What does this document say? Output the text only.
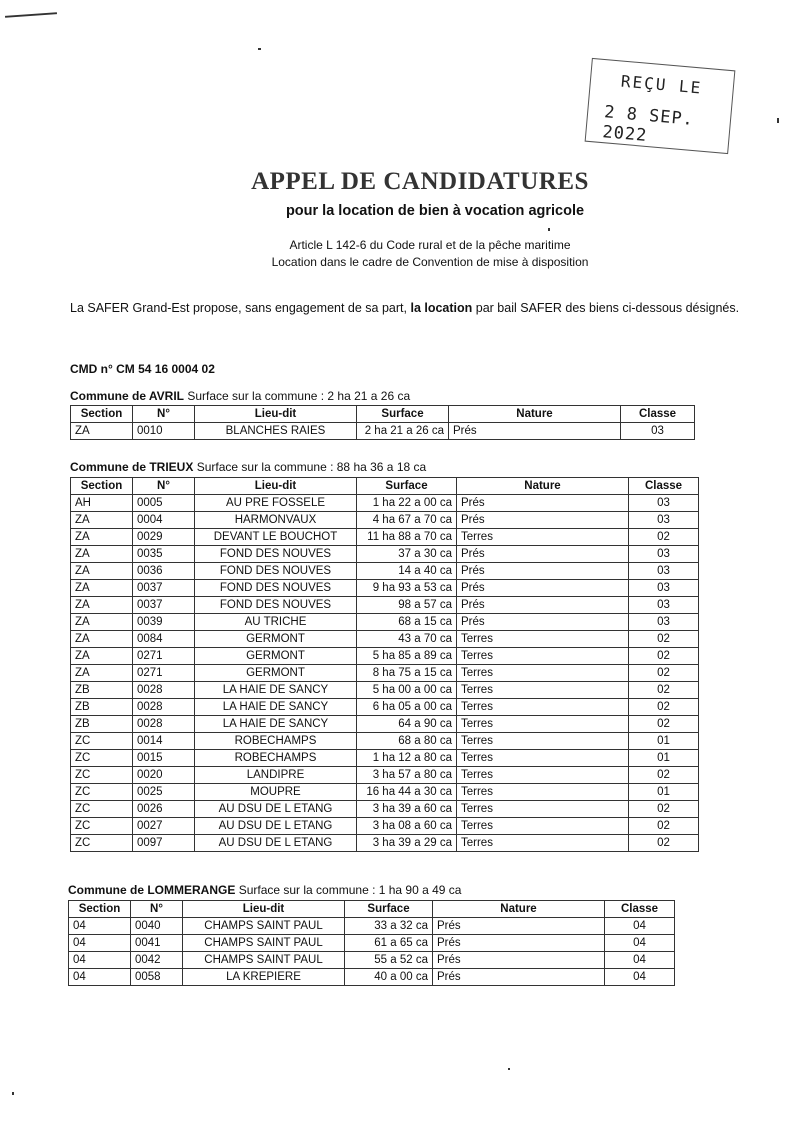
REÇU LE
2 8 SEP. 2022
APPEL DE CANDIDATURES
pour la location de bien à vocation agricole
Article L 142-6 du Code rural et de la pêche maritime
Location dans le cadre de Convention de mise à disposition
La SAFER Grand-Est propose, sans engagement de sa part, la location par bail SAFER des biens ci-dessous désignés.
CMD n° CM 54 16 0004 02
Commune de AVRIL Surface sur la commune : 2 ha 21 a 26 ca
Section	N°	Lieu-dit	Surface	Nature	Classe
ZA	0010	BLANCHES RAIES	2 ha 21 a 26 ca	Prés	03
Commune de TRIEUX Surface sur la commune : 88 ha 36 a 18 ca
Section	N°	Lieu-dit	Surface	Nature	Classe
AH	0005	AU PRE FOSSELE	1 ha 22 a 00 ca	Prés	03
ZA	0004	HARMONVAUX	4 ha 67 a 70 ca	Prés	03
ZA	0029	DEVANT LE BOUCHOT	11 ha 88 a 70 ca	Terres	02
ZA	0035	FOND DES NOUVES	37 a 30 ca	Prés	03
ZA	0036	FOND DES NOUVES	14 a 40 ca	Prés	03
ZA	0037	FOND DES NOUVES	9 ha 93 a 53 ca	Prés	03
ZA	0037	FOND DES NOUVES	98 a 57 ca	Prés	03
ZA	0039	AU TRICHE	68 a 15 ca	Prés	03
ZA	0084	GERMONT	43 a 70 ca	Terres	02
ZA	0271	GERMONT	5 ha 85 a 89 ca	Terres	02
ZA	0271	GERMONT	8 ha 75 a 15 ca	Terres	02
ZB	0028	LA HAIE DE SANCY	5 ha 00 a 00 ca	Terres	02
ZB	0028	LA HAIE DE SANCY	6 ha 05 a 00 ca	Terres	02
ZB	0028	LA HAIE DE SANCY	64 a 90 ca	Terres	02
ZC	0014	ROBECHAMPS	68 a 80 ca	Terres	01
ZC	0015	ROBECHAMPS	1 ha 12 a 80 ca	Terres	01
ZC	0020	LANDIPRE	3 ha 57 a 80 ca	Terres	02
ZC	0025	MOUPRE	16 ha 44 a 30 ca	Terres	01
ZC	0026	AU DSU DE L ETANG	3 ha 39 a 60 ca	Terres	02
ZC	0027	AU DSU DE L ETANG	3 ha 08 a 60 ca	Terres	02
ZC	0097	AU DSU DE L ETANG	3 ha 39 a 29 ca	Terres	02
Commune de LOMMERANGE Surface sur la commune : 1 ha 90 a 49 ca
Section	N°	Lieu-dit	Surface	Nature	Classe
04	0040	CHAMPS SAINT PAUL	33 a 32 ca	Prés	04
04	0041	CHAMPS SAINT PAUL	61 a 65 ca	Prés	04
04	0042	CHAMPS SAINT PAUL	55 a 52 ca	Prés	04
04	0058	LA KREPIERE	40 a 00 ca	Prés	04
